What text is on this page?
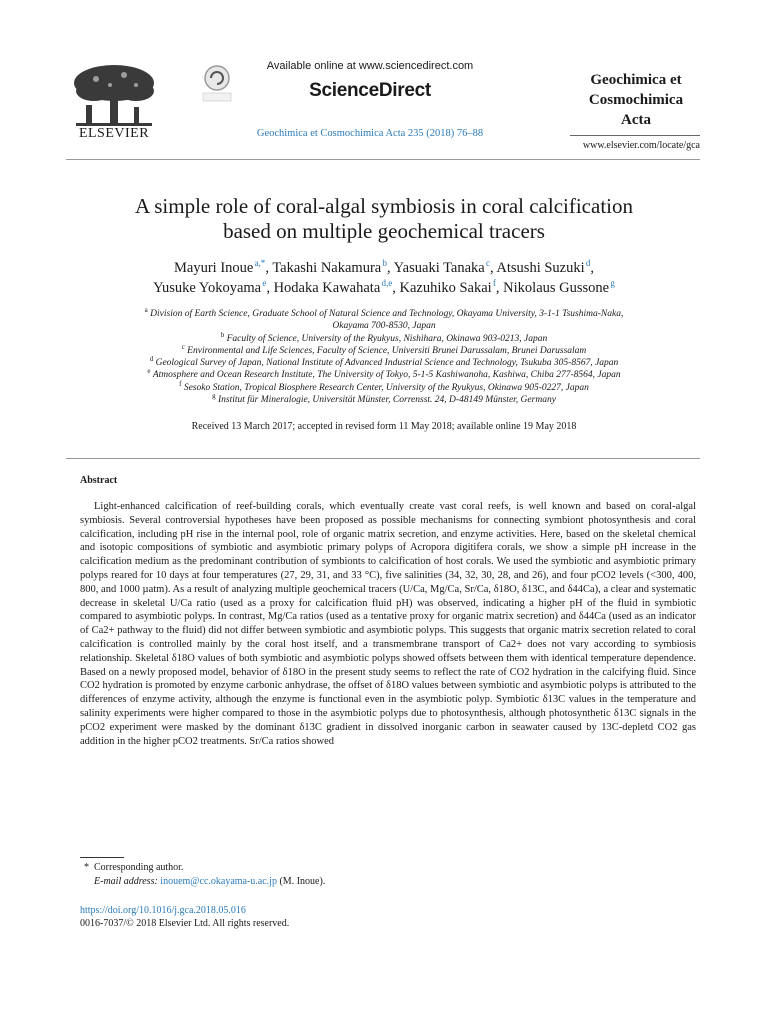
ELSEVIER
Available online at www.sciencedirect.com
ScienceDirect
Geochimica et Cosmochimica Acta 235 (2018) 76–88
Geochimica et
Cosmochimica
Acta
www.elsevier.com/locate/gca
A simple role of coral-algal symbiosis in coral calcification
based on multiple geochemical tracers
Mayuri Inoue $^{a,*}$, Takashi Nakamura $^b$, Yasuaki Tanaka $^c$, Atsushi Suzuki $^d$,
Yusuke Yokoyama $^e$, Hodaka Kawahata $^{d,e}$, Kazuhiko Sakai $^f$, Nikolaus Gussone $^g$
$^a$ Division of Earth Science, Graduate School of Natural Science and Technology, Okayama University, 3-1-1 Tsushima-Naka,
Okayama 700-8530, Japan
$^b$ Faculty of Science, University of the Ryukyus, Nishihara, Okinawa 903-0213, Japan
$^c$ Environmental and Life Sciences, Faculty of Science, Universiti Brunei Darussalam, Brunei Darussalam
$^d$ Geological Survey of Japan, National Institute of Advanced Industrial Science and Technology, Tsukuba 305-8567, Japan
$^e$ Atmosphere and Ocean Research Institute, The University of Tokyo, 5-1-5 Kashiwanoha, Kashiwa, Chiba 277-8564, Japan
$^f$ Sesoko Station, Tropical Biosphere Research Center, University of the Ryukyus, Okinawa 905-0227, Japan
$^g$ Institut für Mineralogie, Universität Münster, Corrensst. 24, D-48149 Münster, Germany
Received 13 March 2017; accepted in revised form 11 May 2018; available online 19 May 2018
Abstract
Light-enhanced calcification of reef-building corals, which eventually create vast coral reefs, is well known and based on coral-algal symbiosis. Several controversial hypotheses have been proposed as possible mechanisms for connecting symbiont photosynthesis and coral calcification, including pH rise in the internal pool, role of organic matrix secretion, and enzyme activities. Here, based on the skeletal chemical and isotopic compositions of symbiotic and asymbiotic primary polyps of Acropora digitifera corals, we show a simple pH increase in the calcification medium as the predominant contribution of symbionts to calcification of host corals. We used the symbiotic and asymbiotic primary polyps reared for 10 days at four temperatures (27, 29, 31, and 33 °C), five salinities (34, 32, 30, 28, and 26), and four pCO2 levels (<300, 400, 800, and 1000 µatm). As a result of analyzing multiple geochemical tracers (U/Ca, Mg/Ca, Sr/Ca, δ18O, δ13C, and δ44Ca), a clear and systematic decrease in skeletal U/Ca ratio (used as a proxy for calcification fluid pH) was observed, indicating a higher pH of the fluid in symbiotic compared to asymbiotic polyps. In contrast, Mg/Ca ratios (used as a tentative proxy for organic matrix secretion) and δ44Ca (used as an indicator of Ca2+ pathway to the fluid) did not differ between symbiotic and asymbiotic polyps. This suggests that organic matrix secretion related to coral calcification is controlled mainly by the coral host itself, and a transmembrane transport of Ca2+ does not vary according to symbiosis relationship. Skeletal δ18O values of both symbiotic and asymbiotic polyps showed offsets between them with identical temperature dependence. Based on a newly proposed model, behavior of δ18O in the present study seems to reflect the rate of CO2 hydration in the calcifying fluid. Since CO2 hydration is promoted by enzyme carbonic anhydrase, the offset of δ18O values between symbiotic and asymbiotic polyps is attributed to the differences of enzyme activity, although the enzyme is functional even in the asymbiotic polyp. Symbiotic δ13C values in the temperature and salinity experiments were higher compared to those in the asymbiotic polyps due to photosynthesis, although photosynthetic δ13C signals in the pCO2 experiment were masked by the dominant δ13C gradient in dissolved inorganic carbon in seawater caused by 13C-depletd CO2 gas addition in the higher pCO2 treatments. Sr/Ca ratios showed
*  Corresponding author.
E-mail address: inouem@cc.okayama-u.ac.jp (M. Inoue).
https://doi.org/10.1016/j.gca.2018.05.016
0016-7037/© 2018 Elsevier Ltd. All rights reserved.
